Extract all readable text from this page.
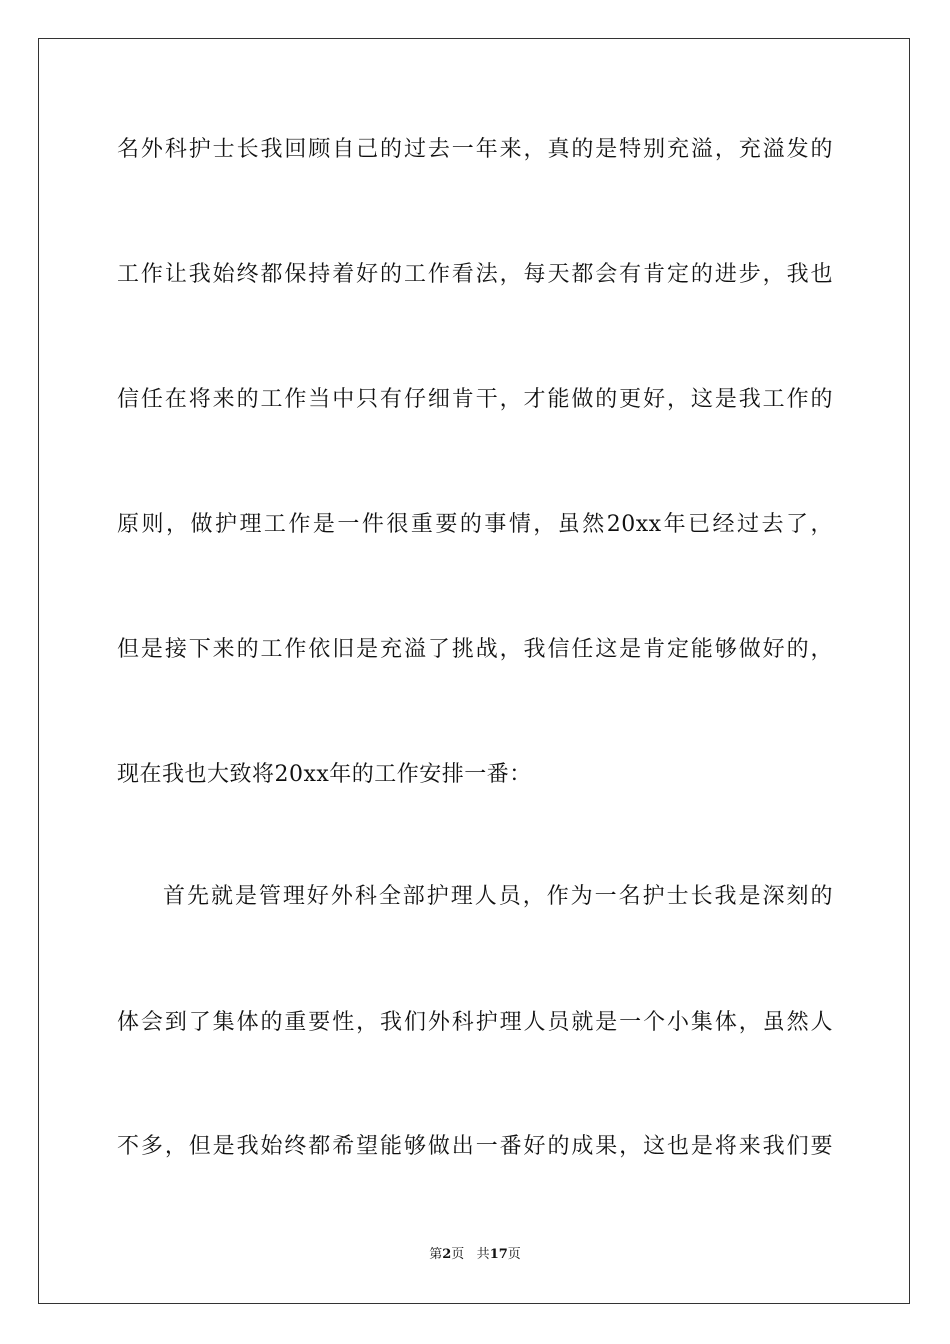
名外科护士长我回顾自己的过去一年来，真的是特别充溢，充溢发的
工作让我始终都保持着好的工作看法，每天都会有肯定的进步，我也
信任在将来的工作当中只有仔细肯干，才能做的更好，这是我工作的
原则，做护理工作是一件很重要的事情，虽然20xx年已经过去了，
但是接下来的工作依旧是充溢了挑战，我信任这是肯定能够做好的，
现在我也大致将20xx年的工作安排一番：
首先就是管理好外科全部护理人员，作为一名护士长我是深刻的
体会到了集体的重要性，我们外科护理人员就是一个小集体，虽然人
不多，但是我始终都希望能够做出一番好的成果，这也是将来我们要
第2页 共17页
